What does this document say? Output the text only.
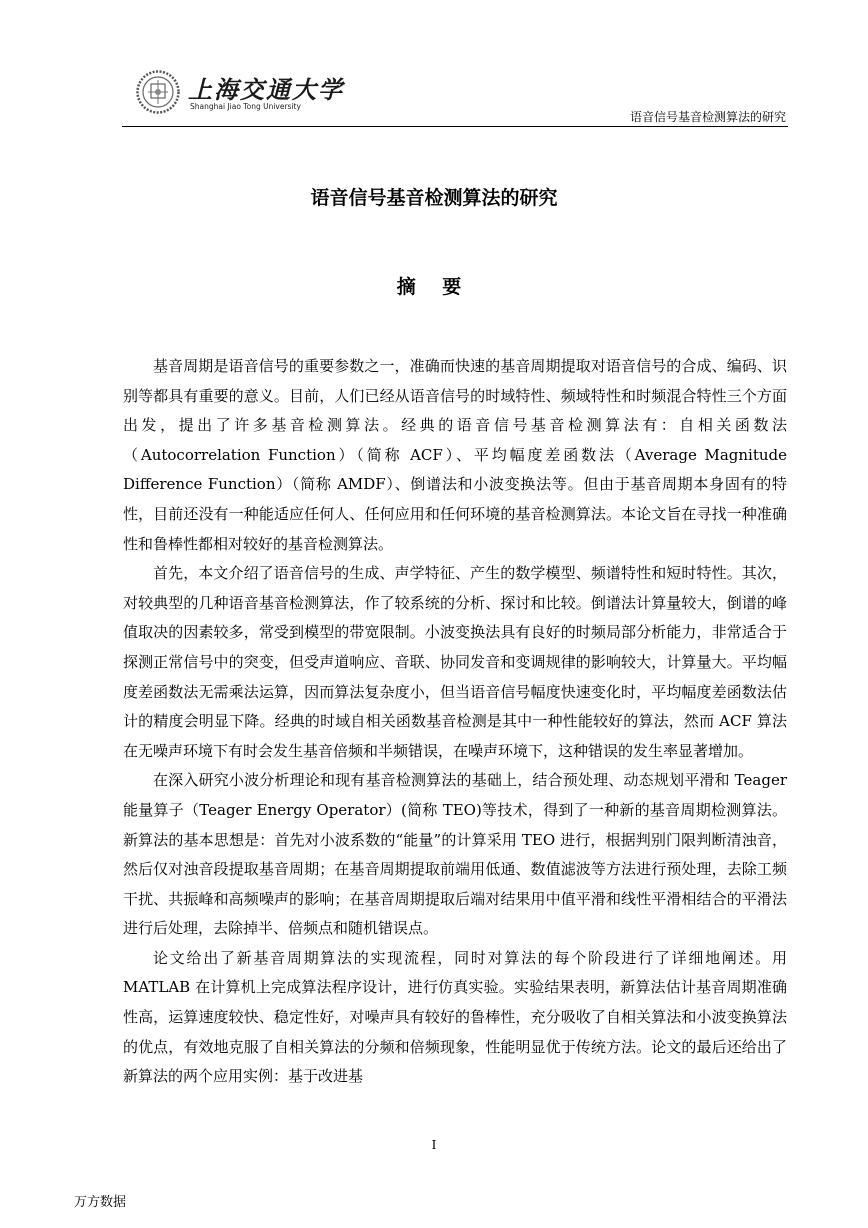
上海交通大学
Shanghai Jiao Tong University
语音信号基音检测算法的研究
语音信号基音检测算法的研究
摘 要

基音周期是语音信号的重要参数之一，准确而快速的基音周期提取对语音信号的合成、编码、识别等都具有重要的意义。目前，人们已经从语音信号的时域特性、频域特性和时频混合特性三个方面出发，提出了许多基音检测算法。经典的语音信号基音检测算法有：自相关函数法（Autocorrelation Function）（简称 ACF）、平均幅度差函数法（Average Magnitude Difference Function）（简称 AMDF）、倒谱法和小波变换法等。但由于基音周期本身固有的特性，目前还没有一种能适应任何人、任何应用和任何环境的基音检测算法。本论文旨在寻找一种准确性和鲁棒性都相对较好的基音检测算法。

首先，本文介绍了语音信号的生成、声学特征、产生的数学模型、频谱特性和短时特性。其次，对较典型的几种语音基音检测算法，作了较系统的分析、探讨和比较。倒谱法计算量较大，倒谱的峰值取决的因素较多，常受到模型的带宽限制。小波变换法具有良好的时频局部分析能力，非常适合于探测正常信号中的突变，但受声道响应、音联、协同发音和变调规律的影响较大，计算量大。平均幅度差函数法无需乘法运算，因而算法复杂度小，但当语音信号幅度快速变化时，平均幅度差函数法估计的精度会明显下降。经典的时域自相关函数基音检测是其中一种性能较好的算法，然而 ACF 算法在无噪声环境下有时会发生基音倍频和半频错误，在噪声环境下，这种错误的发生率显著增加。

在深入研究小波分析理论和现有基音检测算法的基础上，结合预处理、动态规划平滑和 Teager 能量算子（Teager Energy Operator）(简称 TEO)等技术，得到了一种新的基音周期检测算法。新算法的基本思想是：首先对小波系数的“能量”的计算采用 TEO 进行，根据判别门限判断清浊音，然后仅对浊音段提取基音周期；在基音周期提取前端用低通、数值滤波等方法进行预处理，去除工频干扰、共振峰和高频噪声的影响；在基音周期提取后端对结果用中值平滑和线性平滑相结合的平滑法进行后处理，去除掉半、倍频点和随机错误点。

论文给出了新基音周期算法的实现流程，同时对算法的每个阶段进行了详细地阐述。用 MATLAB 在计算机上完成算法程序设计，进行仿真实验。实验结果表明，新算法估计基音周期准确性高，运算速度较快、稳定性好，对噪声具有较好的鲁棒性，充分吸收了自相关算法和小波变换算法的优点，有效地克服了自相关算法的分频和倍频现象，性能明显优于传统方法。论文的最后还给出了新算法的两个应用实例：基于改进基

I
万方数据
